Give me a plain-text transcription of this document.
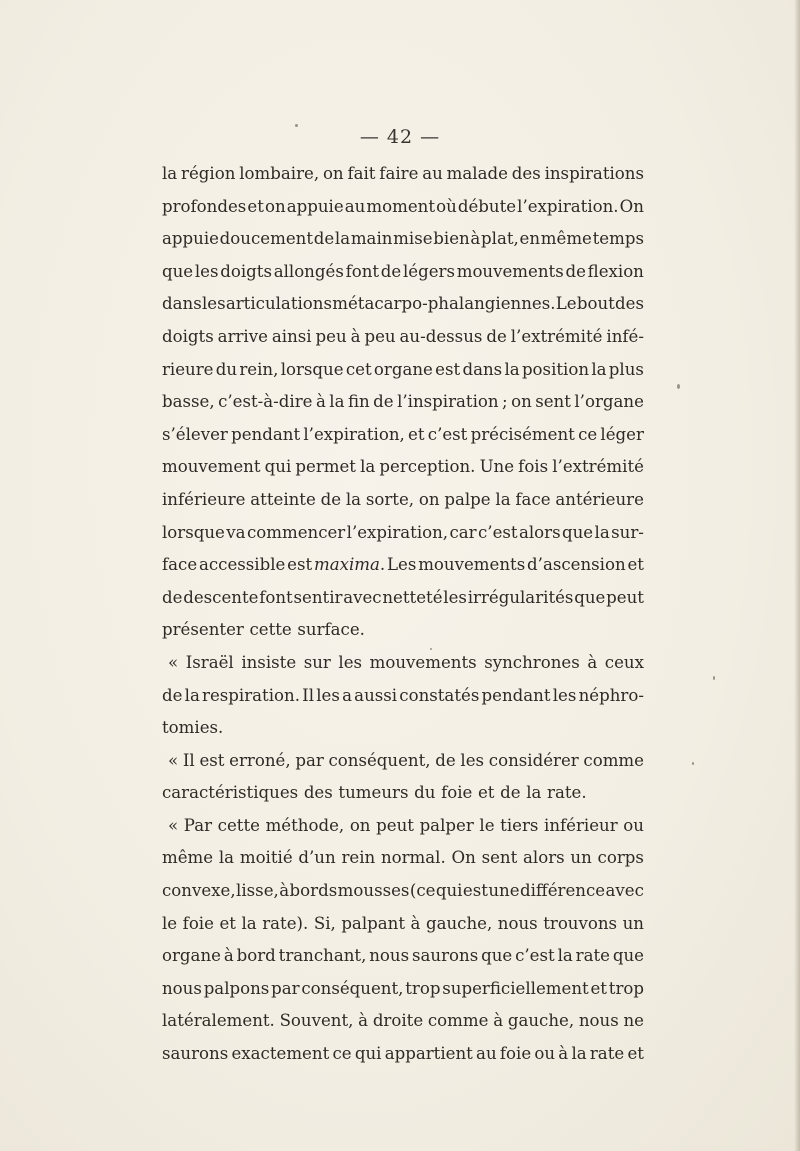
— 42 —
la région lombaire, on fait faire au malade des inspirations
profondes et on appuie au moment où débute l’expiration. On
appuie doucement de la main mise bien à plat, en même temps
que les doigts allongés font de légers mouvements de flexion
dans les articulations métacarpo-phalangiennes. Le bout des
doigts arrive ainsi peu à peu au-dessus de l’extrémité infé-
rieure du rein, lorsque cet organe est dans la position la plus
basse, c’est-à-dire à la fin de l’inspiration ; on sent l’organe
s’élever pendant l’expiration, et c’est précisément ce léger
mouvement qui permet la perception. Une fois l’extrémité
inférieure atteinte de la sorte, on palpe la face antérieure
lorsque va commencer l’expiration, car c’est alors que la sur-
face accessible est maxima. Les mouvements d’ascension et
de descente font sentir avec netteté les irrégularités que peut
présenter cette surface.
« Israël insiste sur les mouvements synchrones à ceux
de la respiration. Il les a aussi constatés pendant les néphro-
tomies.
« Il est erroné, par conséquent, de les considérer comme
caractéristiques des tumeurs du foie et de la rate.
« Par cette méthode, on peut palper le tiers inférieur ou
même la moitié d’un rein normal. On sent alors un corps
convexe, lisse, à bords mousses (ce qui est une différence avec
le foie et la rate). Si, palpant à gauche, nous trouvons un
organe à bord tranchant, nous saurons que c’est la rate que
nous palpons par conséquent, trop superficiellement et trop
latéralement. Souvent, à droite comme à gauche, nous ne
saurons exactement ce qui appartient au foie ou à la rate et
